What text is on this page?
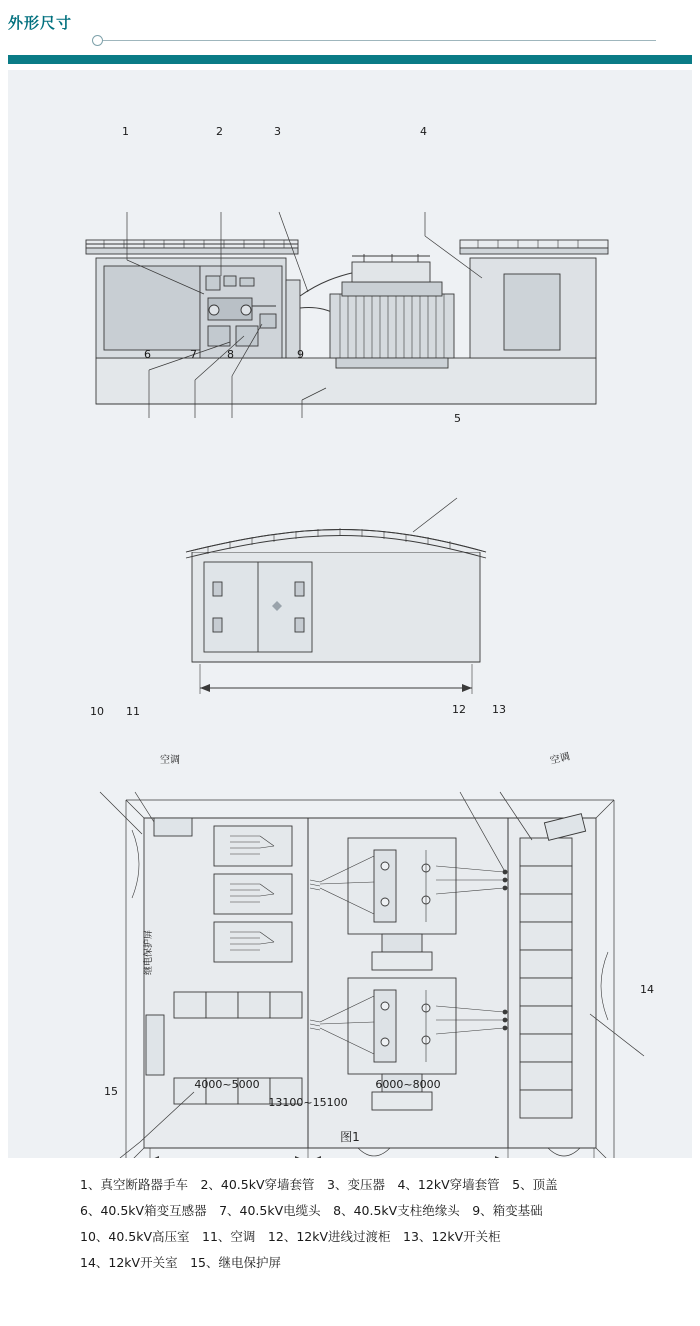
外形尺寸
1	2	3	4
6	7	8	9
5
10 11	12 13
14
15
空调	空调
继电保护屏
4000~5000	6000~8000
13100~15100
图1
1、真空断路器手车　2、40.5kV穿墙套管　3、变压器　4、12kV穿墙套管　5、顶盖
6、40.5kV箱变互感器　7、40.5kV电缆头　8、40.5kV支柱绝缘头　9、箱变基础
10、40.5kV高压室　11、空调　12、12kV进线过渡柜　13、12kV开关柜
14、12kV开关室　15、继电保护屏
